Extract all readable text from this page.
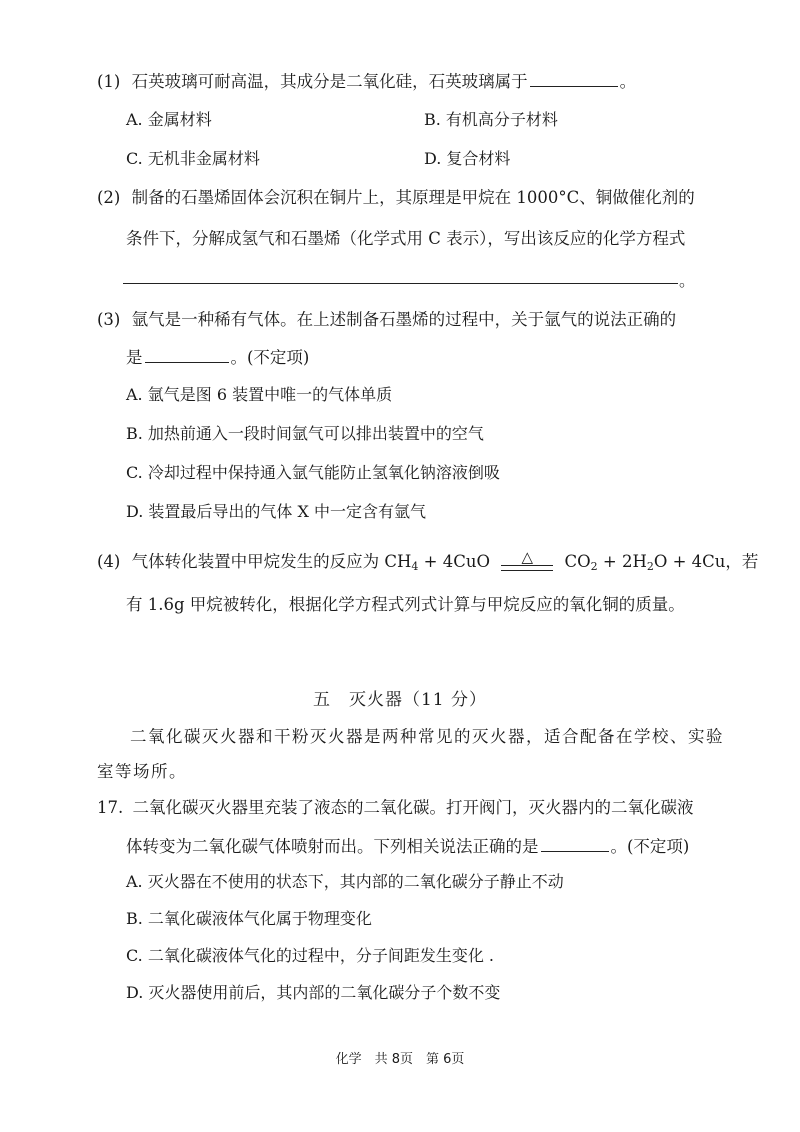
(1) 石英玻璃可耐高温，其成分是二氧化硅，石英玻璃属于	。
A. 金属材料	B. 有机高分子材料
C. 无机非金属材料	D. 复合材料
(2) 制备的石墨烯固体会沉积在铜片上，其原理是甲烷在 1000°C、铜做催化剂的
条件下，分解成氢气和石墨烯（化学式用 C 表示），写出该反应的化学方程式
。
(3) 氩气是一种稀有气体。在上述制备石墨烯的过程中，关于氩气的说法正确的
是	。(不定项)
A. 氩气是图 6 装置中唯一的气体单质
B. 加热前通入一段时间氩气可以排出装置中的空气
C. 冷却过程中保持通入氩气能防止氢氧化钠溶液倒吸
D. 装置最后导出的气体 X 中一定含有氩气
(4) 气体转化装置中甲烷发生的反应为 $CH_4 + 4CuO$	△	$CO_2 + 2H_2O + 4Cu$，若
有 1.6g 甲烷被转化，根据化学方程式列式计算与甲烷反应的氧化铜的质量。
五　灭火器（11 分）
二氧化碳灭火器和干粉灭火器是两种常见的灭火器，适合配备在学校、实验
室等场所。
17. 二氧化碳灭火器里充装了液态的二氧化碳。打开阀门，灭火器内的二氧化碳液
体转变为二氧化碳气体喷射而出。下列相关说法正确的是	。(不定项)
A. 灭火器在不使用的状态下，其内部的二氧化碳分子静止不动
B. 二氧化碳液体气化属于物理变化
C. 二氧化碳液体气化的过程中，分子间距发生变化 .
D. 灭火器使用前后，其内部的二氧化碳分子个数不变
化学　共 8页　第 6页
